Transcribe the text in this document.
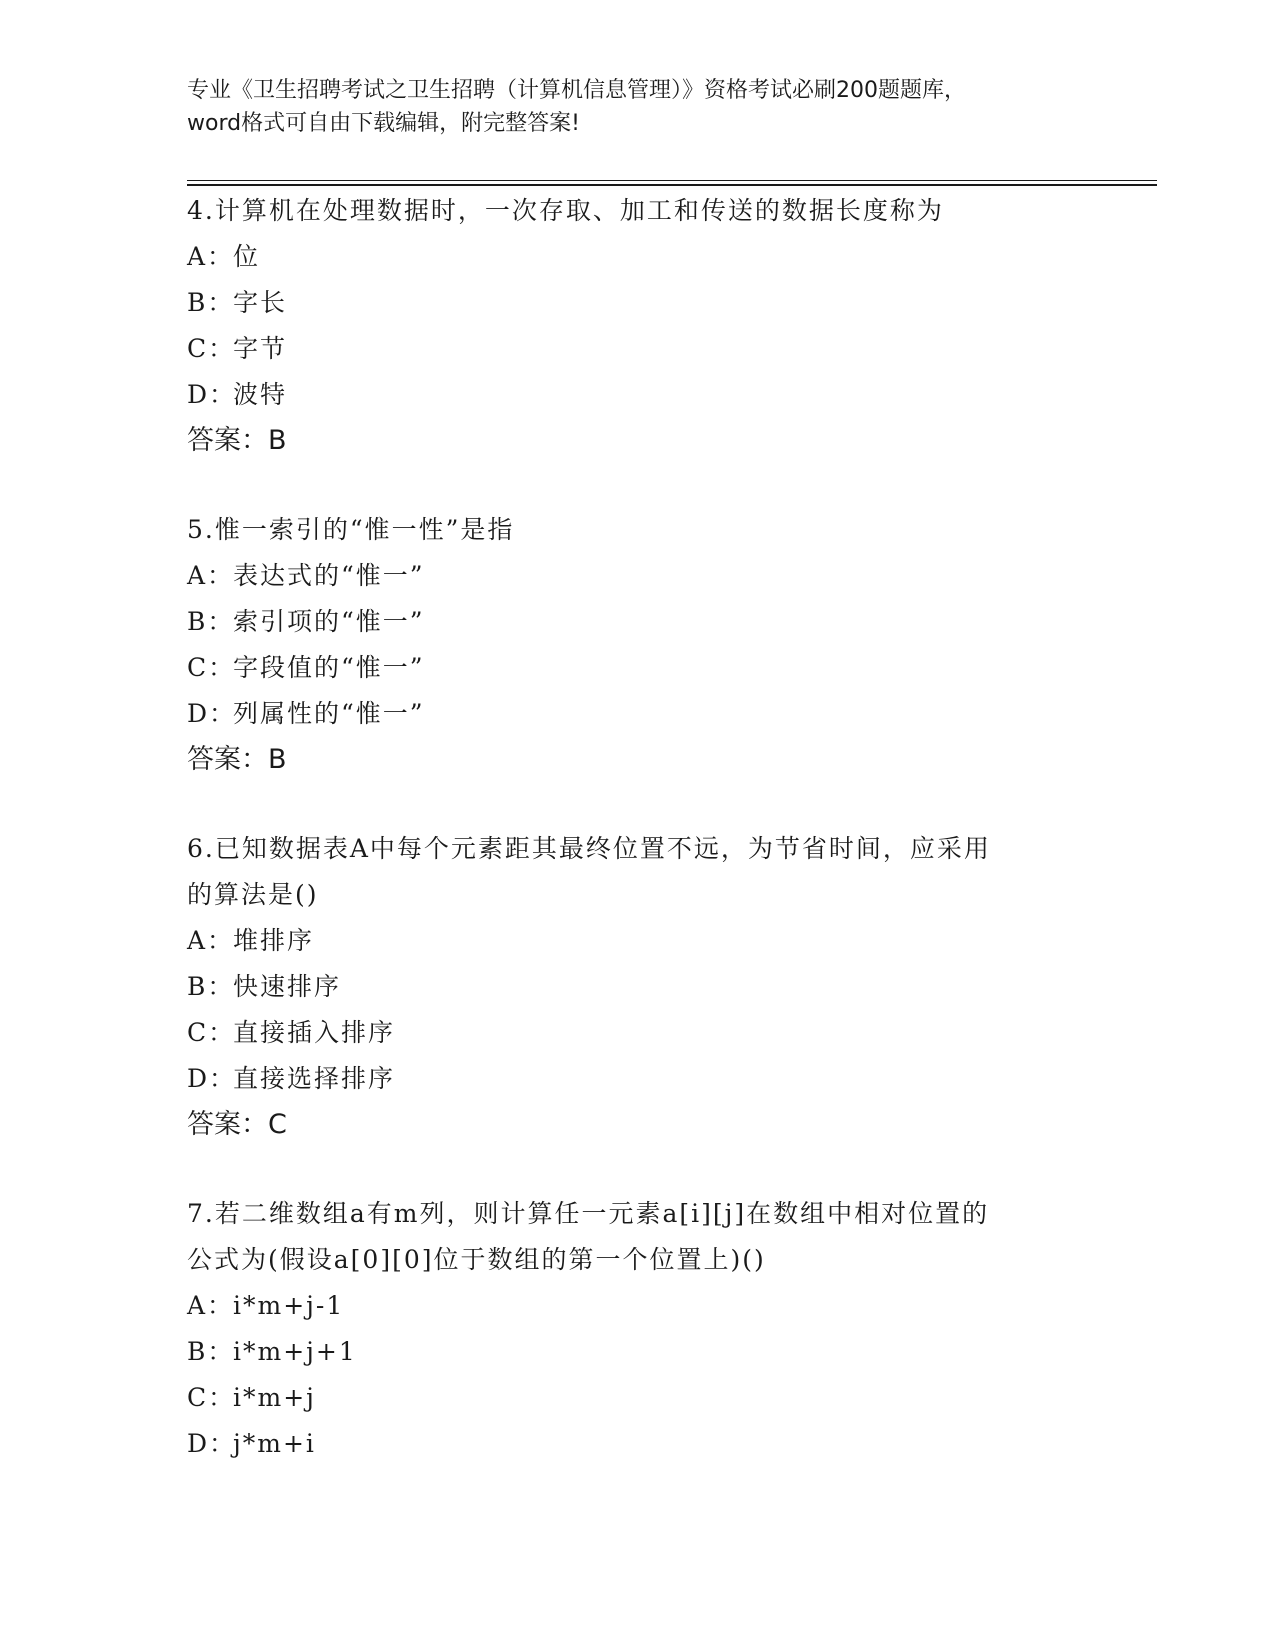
专业《卫生招聘考试之卫生招聘（计算机信息管理）》资格考试必刷200题题库，
word格式可自由下载编辑，附完整答案!
4.计算机在处理数据时，一次存取、加工和传送的数据长度称为
A：
位
B：
字长
C：
字节
D：
波特
答案：B
5.惟一索引的“惟一性”是指
A：
表达式的“惟一”
B：
索引项的“惟一”
C：
字段值的“惟一”
D：
列属性的“惟一”
答案：B
6.已知数据表A中每个元素距其最终位置不远，为节省时间，应采用
的算法是()
A：
堆排序
B：
快速排序
C：
直接插入排序
D：
直接选择排序
答案：C
7.若二维数组a有m列，则计算任一元素a[i][j]在数组中相对位置的
公式为(假设a[0][0]位于数组的第一个位置上)()
A：
i*m+j-1
B：
i*m+j+1
C：
i*m+j
D：
j*m+i
